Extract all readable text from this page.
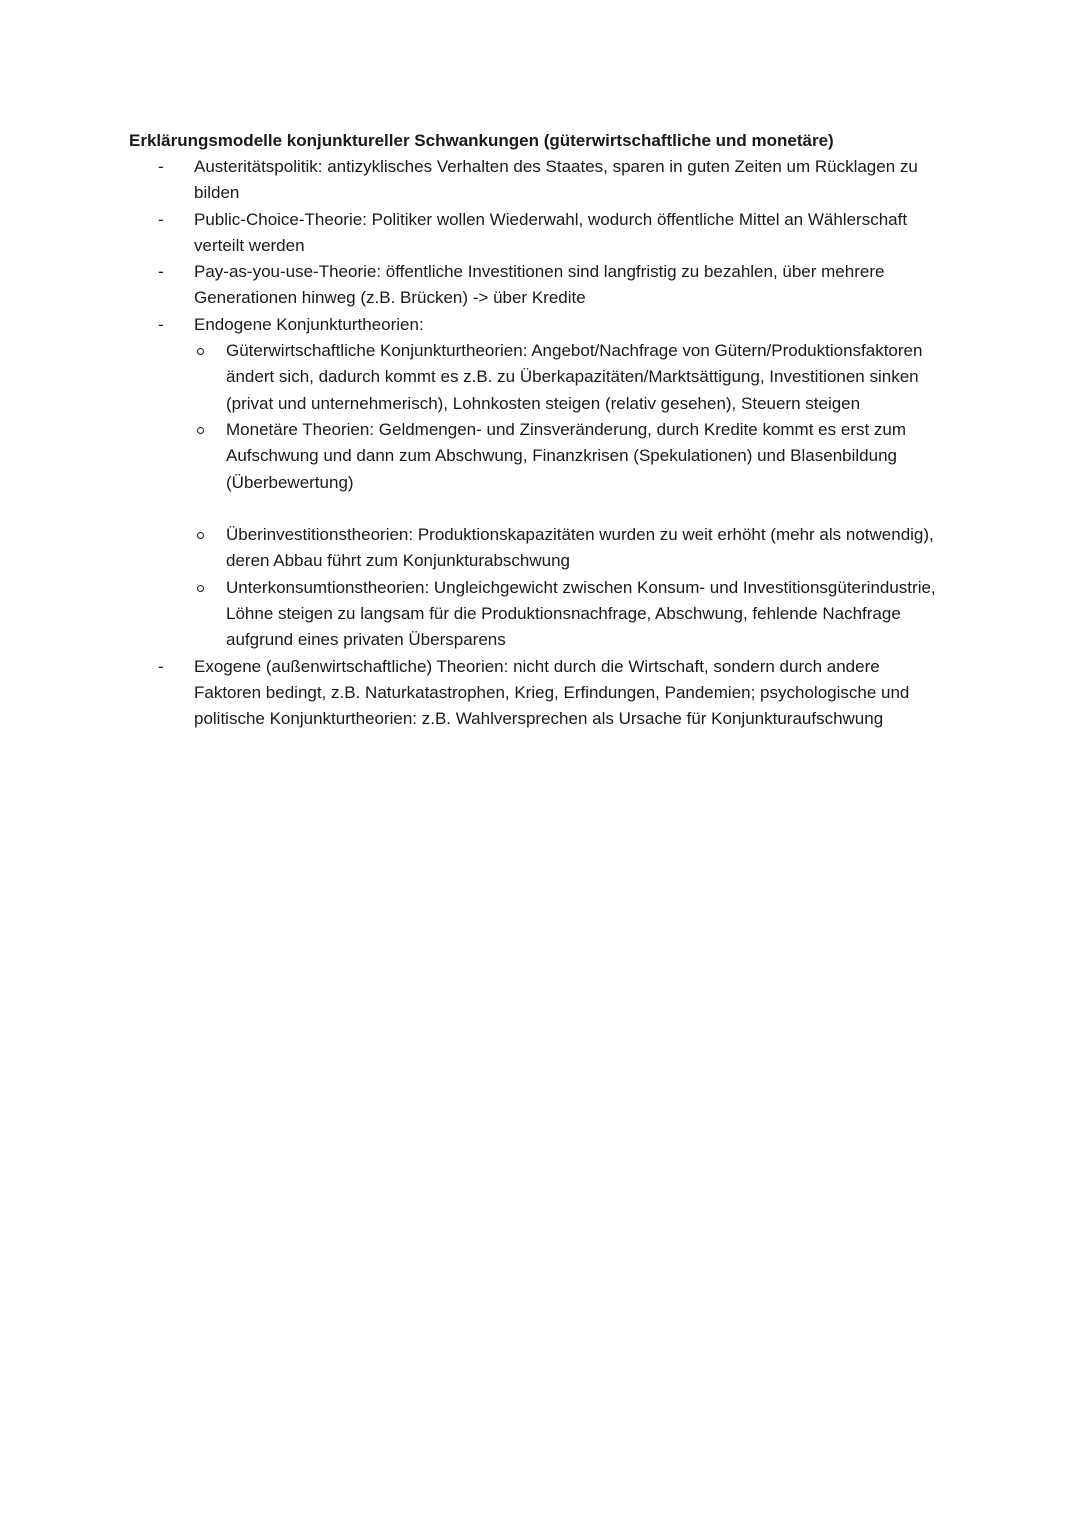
Erklärungsmodelle konjunktureller Schwankungen (güterwirtschaftliche und monetäre)

-	Austeritätspolitik: antizyklisches Verhalten des Staates, sparen in guten Zeiten um Rücklagen zu bilden
-	Public-Choice-Theorie: Politiker wollen Wiederwahl, wodurch öffentliche Mittel an Wählerschaft verteilt werden
-	Pay-as-you-use-Theorie: öffentliche Investitionen sind langfristig zu bezahlen, über mehrere Generationen hinweg (z.B. Brücken) -> über Kredite
-	Endogene Konjunkturtheorien:
Güterwirtschaftliche Konjunkturtheorien: Angebot/Nachfrage von Gütern/Produktionsfaktoren ändert sich, dadurch kommt es z.B. zu Überkapazitäten/Marktsättigung, Investitionen sinken (privat und unternehmerisch), Lohnkosten steigen (relativ gesehen), Steuern steigen
Monetäre Theorien: Geldmengen- und Zinsveränderung, durch Kredite kommt es erst zum Aufschwung und dann zum Abschwung, Finanzkrisen (Spekulationen) und Blasenbildung (Überbewertung)
Überinvestitionstheorien: Produktionskapazitäten wurden zu weit erhöht (mehr als notwendig), deren Abbau führt zum Konjunkturabschwung
Unterkonsumtionstheorien: Ungleichgewicht zwischen Konsum- und Investitionsgüterindustrie, Löhne steigen zu langsam für die Produktionsnachfrage, Abschwung, fehlende Nachfrage aufgrund eines privaten Übersparens
-	Exogene (außenwirtschaftliche) Theorien: nicht durch die Wirtschaft, sondern durch andere Faktoren bedingt, z.B. Naturkatastrophen, Krieg, Erfindungen, Pandemien; psychologische und politische Konjunkturtheorien: z.B. Wahlversprechen als Ursache für Konjunkturaufschwung
